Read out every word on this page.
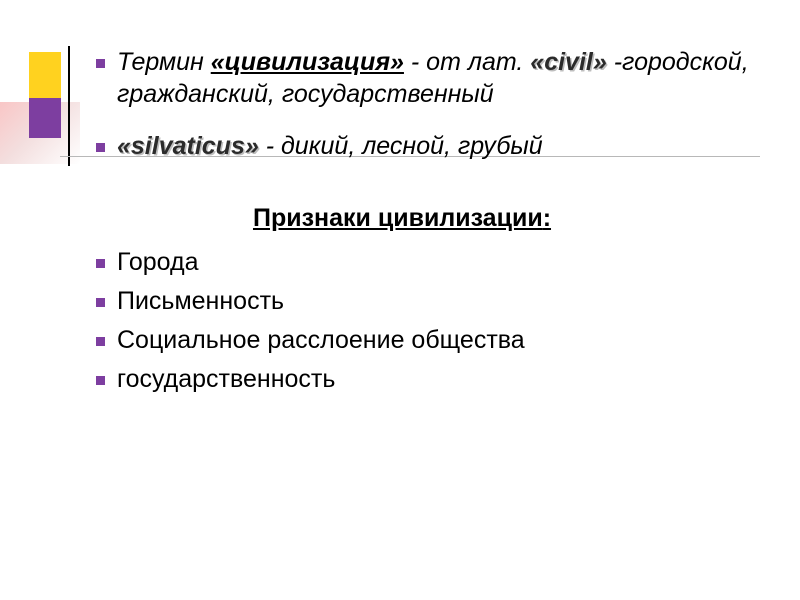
Термин «цивилизация» - от лат. «civil» -городской, гражданский, государственный
«silvaticus» - дикий, лесной, грубый
Признаки цивилизации:
Города
Письменность
Социальное расслоение общества
государственность
